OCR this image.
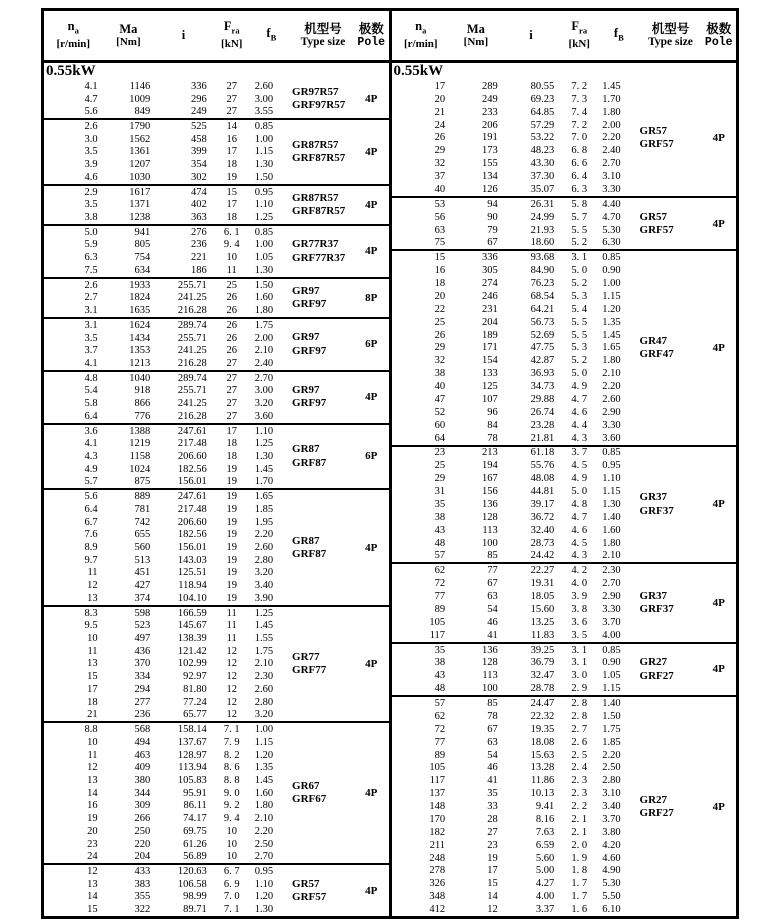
$n_a$
[r/min]
Ma
[Nm]	i
$F_{ra}$
[kN]
$f_B$
机型号
Type size
极数
Pole
0.55kW
4.1	1146	336	27	2.60
4.7	1009	296	27	3.00
5.6	849	249	27	3.55
GR97R57
GRF97R57	4P
2.6	1790	525	14	0.85
3.0	1562	458	16	1.00
3.5	1361	399	17	1.15
3.9	1207	354	18	1.30
4.6	1030	302	19	1.50
GR87R57
GRF87R57	4P
2.9	1617	474	15	0.95
3.5	1371	402	17	1.10
3.8	1238	363	18	1.25
GR87R57
GRF87R57	4P
5.0	941	276	6. 1	0.85
5.9	805	236	9. 4	1.00
6.3	754	221	10	1.05
7.5	634	186	11	1.30
GR77R37
GRF77R37	4P
2.6	1933	255.71	25	1.50
2.7	1824	241.25	26	1.60
3.1	1635	216.28	26	1.80
GR97
GRF97	8P
3.1	1624	289.74	26	1.75
3.5	1434	255.71	26	2.00
3.7	1353	241.25	26	2.10
4.1	1213	216.28	27	2.40
GR97
GRF97	6P
4.8	1040	289.74	27	2.70
5.4	918	255.71	27	3.00
5.8	866	241.25	27	3.20
6.4	776	216.28	27	3.60
GR97
GRF97	4P
3.6	1388	247.61	17	1.10
4.1	1219	217.48	18	1.25
4.3	1158	206.60	18	1.30
4.9	1024	182.56	19	1.45
5.7	875	156.01	19	1.70
GR87
GRF87	6P
5.6	889	247.61	19	1.65
6.4	781	217.48	19	1.85
6.7	742	206.60	19	1.95
7.6	655	182.56	19	2.20
8.9	560	156.01	19	2.60
9.7	513	143.03	19	2.80
11	451	125.51	19	3.20
12	427	118.94	19	3.40
13	374	104.10	19	3.90
GR87
GRF87	4P
8.3	598	166.59	11	1.25
9.5	523	145.67	11	1.45
10	497	138.39	11	1.55
11	436	121.42	12	1.75
13	370	102.99	12	2.10
15	334	92.97	12	2.30
17	294	81.80	12	2.60
18	277	77.24	12	2.80
21	236	65.77	12	3.20
GR77
GRF77	4P
8.8	568	158.14	7. 1	1.00
10	494	137.67	7. 9	1.15
11	463	128.97	8. 2	1.20
12	409	113.94	8. 6	1.35
13	380	105.83	8. 8	1.45
14	344	95.91	9. 0	1.60
16	309	86.11	9. 2	1.80
19	266	74.17	9. 4	2.10
20	250	69.75	10	2.20
23	220	61.26	10	2.50
24	204	56.89	10	2.70
GR67
GRF67	4P
12	433	120.63	6. 7	0.95
13	383	106.58	6. 9	1.10
14	355	98.99	7. 0	1.20
15	322	89.71	7. 1	1.30
GR57
GRF57	4P
$n_a$
[r/min]
Ma
[Nm]	i
$F_{ra}$
[kN]
$f_B$
机型号
Type size
极数
Pole
0.55kW
17	289	80.55	7. 2	1.45
20	249	69.23	7. 3	1.70
21	233	64.85	7. 4	1.80
24	206	57.29	7. 2	2.00
26	191	53.22	7. 0	2.20
29	173	48.23	6. 8	2.40
32	155	43.30	6. 6	2.70
37	134	37.30	6. 4	3.10
40	126	35.07	6. 3	3.30
GR57
GRF57	4P
53	94	26.31	5. 8	4.40
56	90	24.99	5. 7	4.70
63	79	21.93	5. 5	5.30
75	67	18.60	5. 2	6.30
GR57
GRF57	4P
15	336	93.68	3. 1	0.85
16	305	84.90	5. 0	0.90
18	274	76.23	5. 2	1.00
20	246	68.54	5. 3	1.15
22	231	64.21	5. 4	1.20
25	204	56.73	5. 5	1.35
26	189	52.69	5. 5	1.45
29	171	47.75	5. 3	1.65
32	154	42.87	5. 2	1.80
38	133	36.93	5. 0	2.10
40	125	34.73	4. 9	2.20
47	107	29.88	4. 7	2.60
52	96	26.74	4. 6	2.90
60	84	23.28	4. 4	3.30
64	78	21.81	4. 3	3.60
GR47
GRF47	4P
23	213	61.18	3. 7	0.85
25	194	55.76	4. 5	0.95
29	167	48.08	4. 9	1.10
31	156	44.81	5. 0	1.15
35	136	39.17	4. 8	1.30
38	128	36.72	4. 7	1.40
43	113	32.40	4. 6	1.60
48	100	28.73	4. 5	1.80
57	85	24.42	4. 3	2.10
GR37
GRF37	4P
62	77	22.27	4. 2	2.30
72	67	19.31	4. 0	2.70
77	63	18.05	3. 9	2.90
89	54	15.60	3. 8	3.30
105	46	13.25	3. 6	3.70
117	41	11.83	3. 5	4.00
GR37
GRF37	4P
35	136	39.25	3. 1	0.85
38	128	36.79	3. 1	0.90
43	113	32.47	3. 0	1.05
48	100	28.78	2. 9	1.15
GR27
GRF27	4P
57	85	24.47	2. 8	1.40
62	78	22.32	2. 8	1.50
72	67	19.35	2. 7	1.75
77	63	18.08	2. 6	1.85
89	54	15.63	2. 5	2.20
105	46	13.28	2. 4	2.50
117	41	11.86	2. 3	2.80
137	35	10.13	2. 3	3.10
148	33	9.41	2. 2	3.40
170	28	8.16	2. 1	3.70
182	27	7.63	2. 1	3.80
211	23	6.59	2. 0	4.20
248	19	5.60	1. 9	4.60
278	17	5.00	1. 8	4.90
326	15	4.27	1. 7	5.30
348	14	4.00	1. 7	5.50
412	12	3.37	1. 6	6.10
GR27
GRF27	4P
